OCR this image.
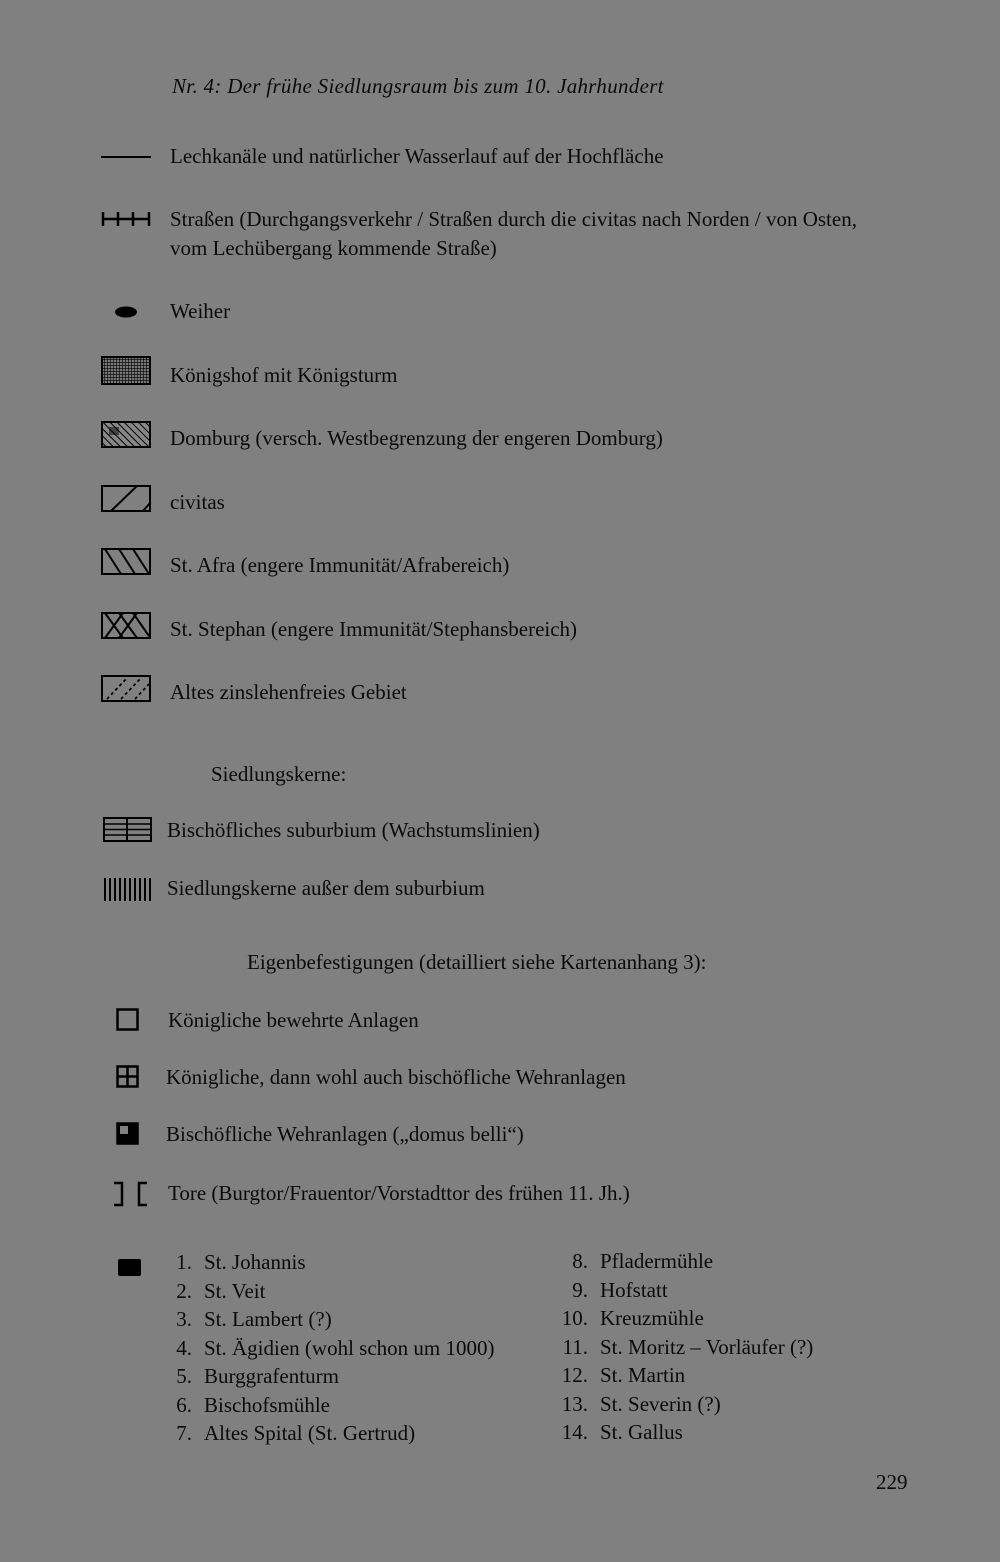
Nr. 4: Der frühe Siedlungsraum bis zum 10. Jahrhundert
Lechkanäle und natürlicher Wasserlauf auf der Hochfläche
Straßen (Durchgangsverkehr / Straßen durch die civitas nach Norden / von Osten, vom Lechübergang kommende Straße)
Weiher
Königshof mit Königsturm
Domburg (versch. Westbegrenzung der engeren Domburg)
civitas
St. Afra (engere Immunität/Afrabereich)
St. Stephan (engere Immunität/Stephansbereich)
Altes zinslehenfreies Gebiet
Siedlungskerne:
Bischöfliches suburbium (Wachstumslinien)
Siedlungskerne außer dem suburbium
Eigenbefestigungen (detailliert siehe Kartenanhang 3):
Königliche bewehrte Anlagen
Königliche, dann wohl auch bischöfliche Wehranlagen
Bischöfliche Wehranlagen („domus belli“)
Tore (Burgtor/Frauentor/Vorstadttor des frühen 11. Jh.)
1. St. Johannis
2. St. Veit
3. St. Lambert (?)
4. St. Ägidien (wohl schon um 1000)
5. Burggrafenturm
6. Bischofsmühle
7. Altes Spital (St. Gertrud)
8. Pfladermühle
9. Hofstatt
10. Kreuzmühle
11. St. Moritz – Vorläufer (?)
12. St. Martin
13. St. Severin (?)
14. St. Gallus
229
